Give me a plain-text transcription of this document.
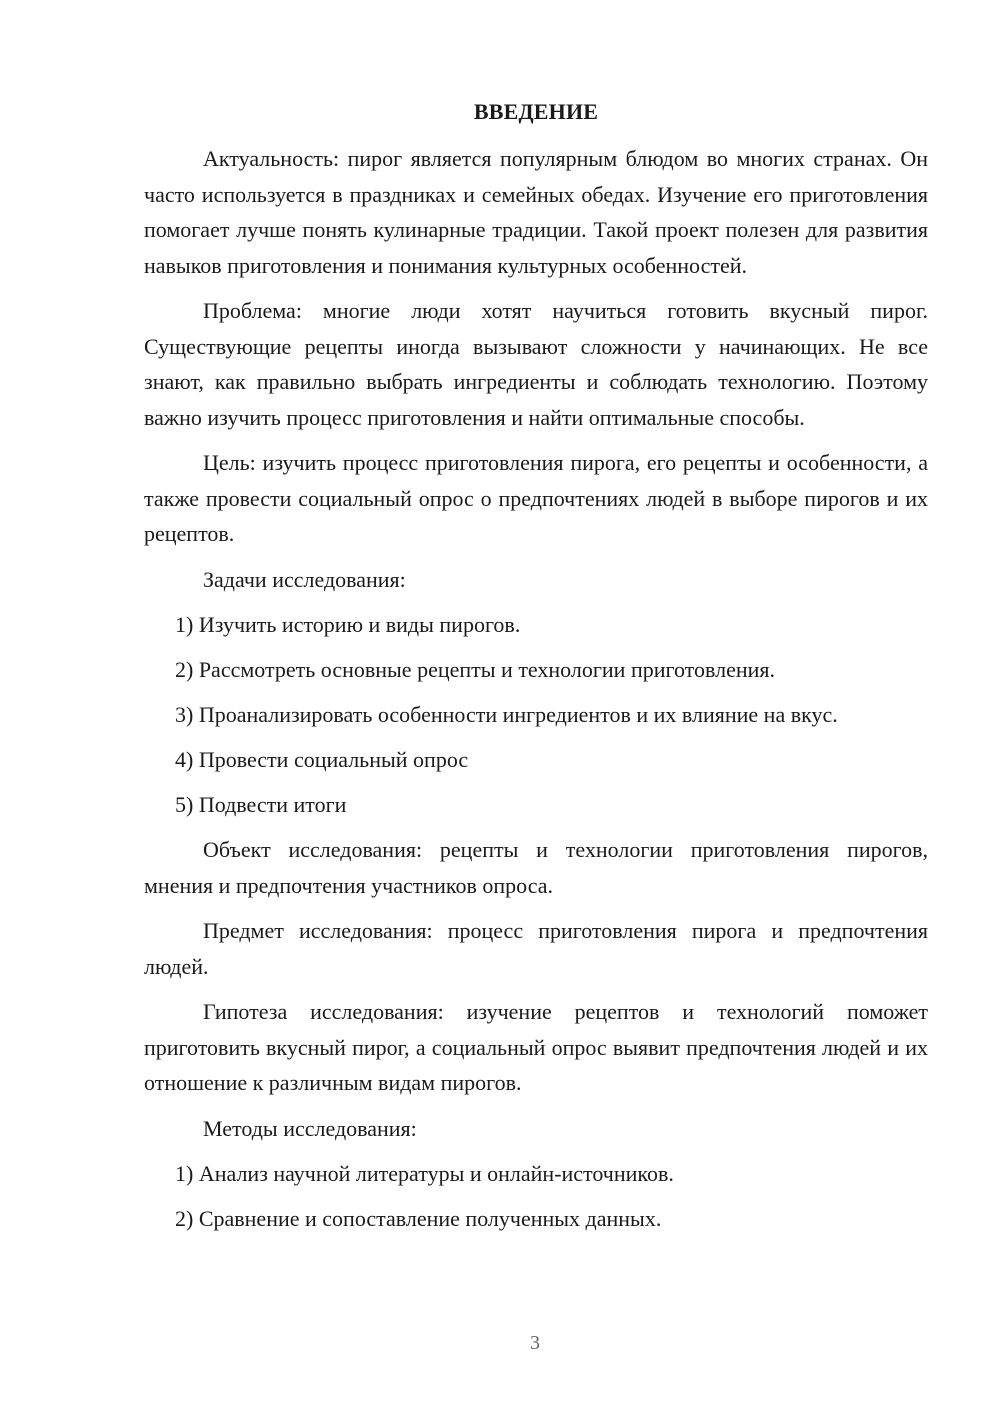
ВВЕДЕНИЕ

Актуальность: пирог является популярным блюдом во многих странах. Он часто используется в праздниках и семейных обедах. Изучение его приготовления помогает лучше понять кулинарные традиции. Такой проект полезен для развития навыков приготовления и понимания культурных особенностей.

Проблема: многие люди хотят научиться готовить вкусный пирог. Существующие рецепты иногда вызывают сложности у начинающих. Не все знают, как правильно выбрать ингредиенты и соблюдать технологию. Поэтому важно изучить процесс приготовления и найти оптимальные способы.

Цель: изучить процесс приготовления пирога, его рецепты и особенности, а также провести социальный опрос о предпочтениях людей в выборе пирогов и их рецептов.

Задачи исследования:

1) Изучить историю и виды пирогов.
2) Рассмотреть основные рецепты и технологии приготовления.
3) Проанализировать особенности ингредиентов и их влияние на вкус.
4) Провести социальный опрос
5) Подвести итоги

Объект исследования: рецепты и технологии приготовления пирогов, мнения и предпочтения участников опроса.

Предмет исследования: процесс приготовления пирога и предпочтения людей.

Гипотеза исследования: изучение рецептов и технологий поможет приготовить вкусный пирог, а социальный опрос выявит предпочтения людей и их отношение к различным видам пирогов.

Методы исследования:

1) Анализ научной литературы и онлайн-источников.
2) Сравнение и сопоставление полученных данных.
3
